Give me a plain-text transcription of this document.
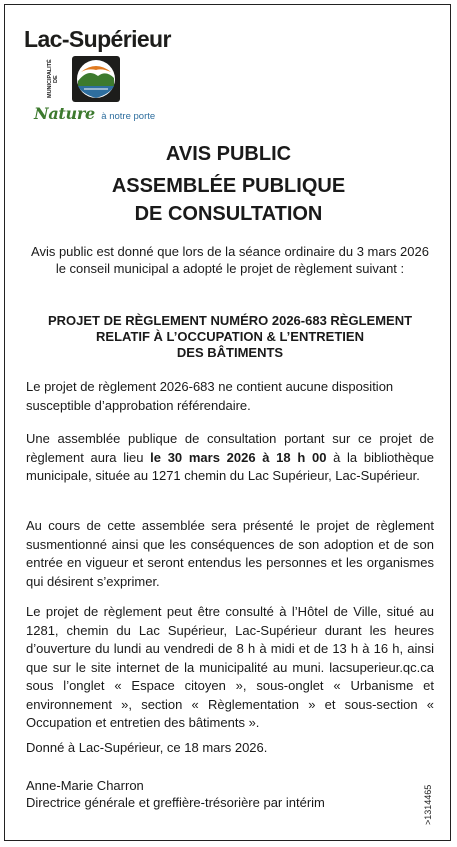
Lac-Supérieur
MUNICIPALITÉ DE
Nature à notre porte
AVIS PUBLIC
ASSEMBLÉE PUBLIQUE
DE CONSULTATION
Avis public est donné que lors de la séance ordinaire du 3 mars 2026 le conseil municipal a adopté le projet de règlement suivant :
PROJET DE RÈGLEMENT NUMÉRO 2026-683 RÈGLEMENT
RELATIF À L’OCCUPATION & L’ENTRETIEN
DES BÂTIMENTS
Le projet de règlement 2026-683 ne contient aucune disposition susceptible d’approbation référendaire.
Une assemblée publique de consultation portant sur ce projet de règlement aura lieu le 30 mars 2026 à 18 h 00 à la bibliothèque municipale, située au 1271 chemin du Lac Supérieur, Lac-Supérieur.
Au cours de cette assemblée sera présenté le projet de règlement susmentionné ainsi que les conséquences de son adoption et de son entrée en vigueur et seront entendus les personnes et les organismes qui désirent s’exprimer.
Le projet de règlement peut être consulté à l’Hôtel de Ville, situé au 1281, chemin du Lac Supérieur, Lac-Supérieur durant les heures d’ouverture du lundi au vendredi de 8 h à midi et de 13 h à 16 h, ainsi que sur le site internet de la municipalité au muni. lacsuperieur.qc.ca sous l’onglet « Espace citoyen », sous-onglet « Urbanisme et environnement », section « Règlementation » et sous-section « Occupation et entretien des bâtiments ».
Donné à Lac-Supérieur, ce 18 mars 2026.
Anne-Marie Charron
Directrice générale et greffière-trésorière par intérim	>1314465
